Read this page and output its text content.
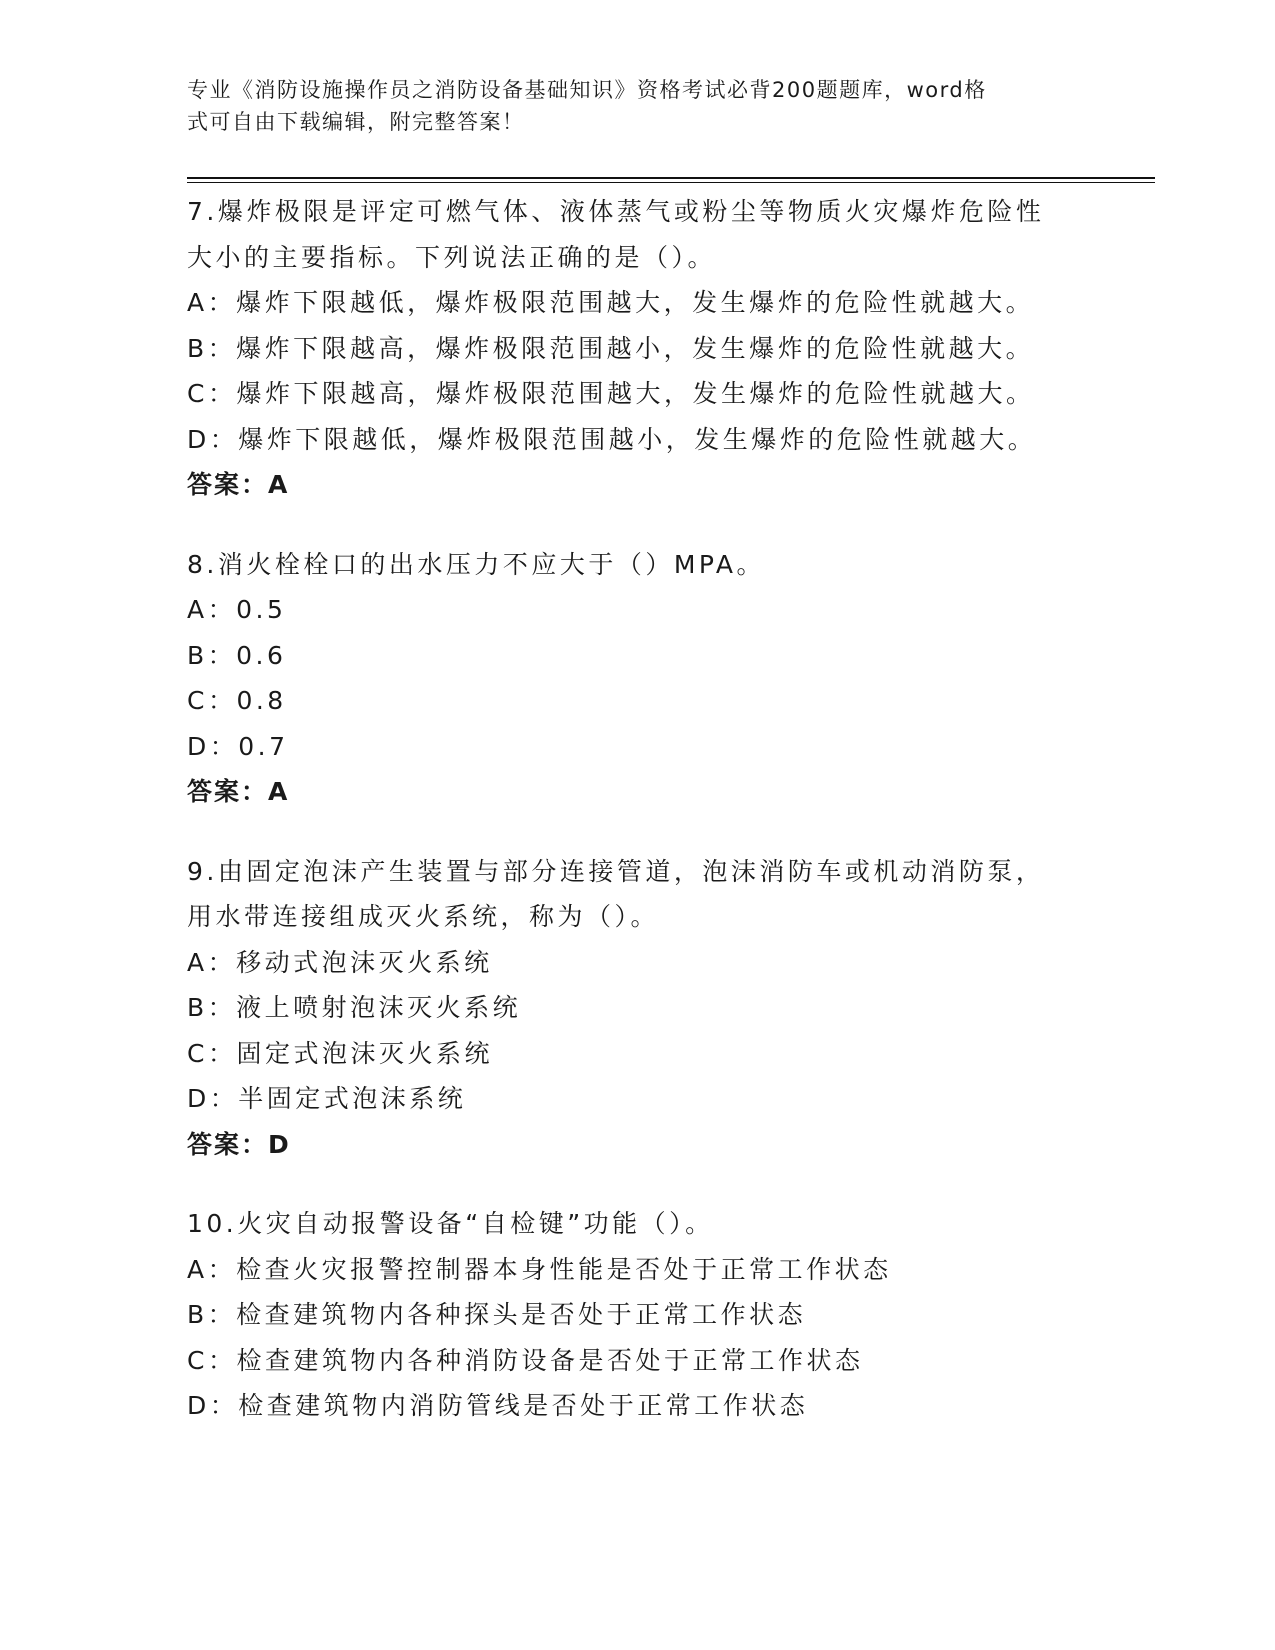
专业《消防设施操作员之消防设备基础知识》资格考试必背200题题库，word格
式可自由下载编辑，附完整答案！
7.爆炸极限是评定可燃气体、液体蒸气或粉尘等物质火灾爆炸危险性
大小的主要指标。下列说法正确的是（）。
A：爆炸下限越低，爆炸极限范围越大，发生爆炸的危险性就越大。
B：爆炸下限越高，爆炸极限范围越小，发生爆炸的危险性就越大。
C：爆炸下限越高，爆炸极限范围越大，发生爆炸的危险性就越大。
D：爆炸下限越低，爆炸极限范围越小，发生爆炸的危险性就越大。
答案：A
8.消火栓栓口的出水压力不应大于（）MPA。
A：0.5
B：0.6
C：0.8
D：0.7
答案：A
9.由固定泡沫产生装置与部分连接管道，泡沫消防车或机动消防泵，
用水带连接组成灭火系统，称为（）。
A：移动式泡沫灭火系统
B：液上喷射泡沫灭火系统
C：固定式泡沫灭火系统
D：半固定式泡沫系统
答案：D
10.火灾自动报警设备“自检键”功能（）。
A：检查火灾报警控制器本身性能是否处于正常工作状态
B：检查建筑物内各种探头是否处于正常工作状态
C：检查建筑物内各种消防设备是否处于正常工作状态
D：检查建筑物内消防管线是否处于正常工作状态
